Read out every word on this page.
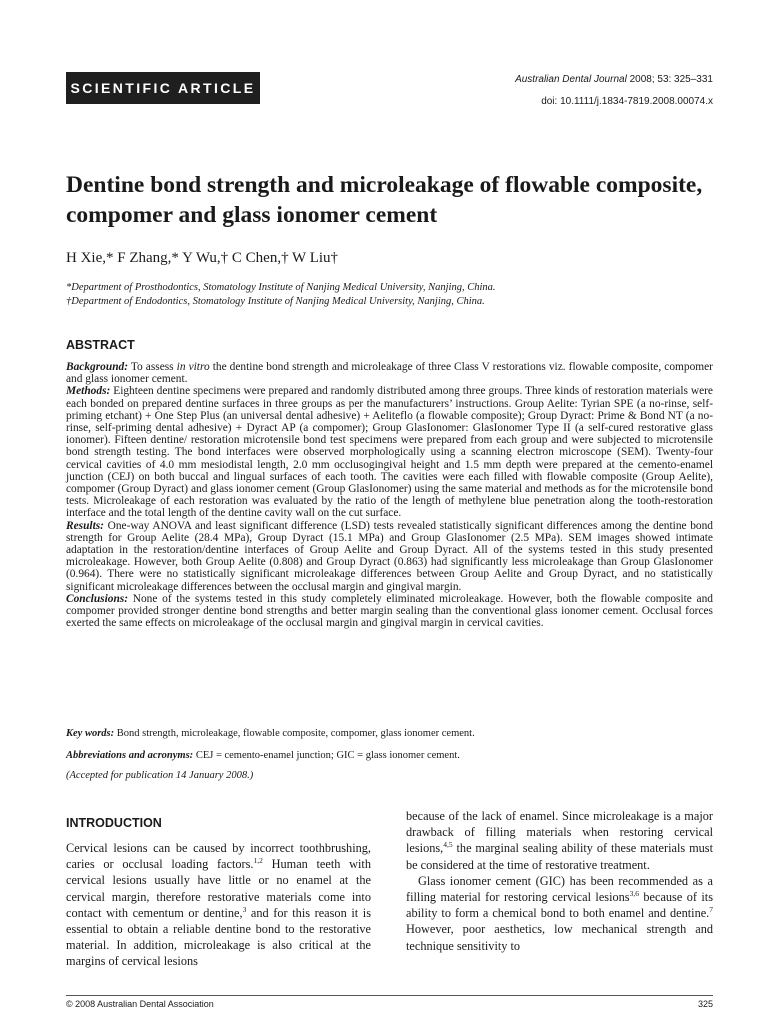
SCIENTIFIC ARTICLE
Australian Dental Journal 2008; 53: 325–331
doi: 10.1111/j.1834-7819.2008.00074.x
Dentine bond strength and microleakage of flowable composite, compomer and glass ionomer cement
H Xie,* F Zhang,* Y Wu,† C Chen,† W Liu†
*Department of Prosthodontics, Stomatology Institute of Nanjing Medical University, Nanjing, China.
†Department of Endodontics, Stomatology Institute of Nanjing Medical University, Nanjing, China.
ABSTRACT

Background: To assess in vitro the dentine bond strength and microleakage of three Class V restorations viz. flowable composite, compomer and glass ionomer cement.

Methods: Eighteen dentine specimens were prepared and randomly distributed among three groups. Three kinds of restoration materials were each bonded on prepared dentine surfaces in three groups as per the manufacturers’ instructions. Group Aelite: Tyrian SPE (a no-rinse, self-priming etchant) + One Step Plus (an universal dental adhesive) + Aeliteflo (a flowable composite); Group Dyract: Prime & Bond NT (a no-rinse, self-priming dental adhesive) + Dyract AP (a compomer); Group GlasIonomer: GlasIonomer Type II (a self-cured restorative glass ionomer). Fifteen dentine/ restoration microtensile bond test specimens were prepared from each group and were subjected to microtensile bond strength testing. The bond interfaces were observed morphologically using a scanning electron microscope (SEM). Twenty-four cervical cavities of 4.0 mm mesiodistal length, 2.0 mm occlusogingival height and 1.5 mm depth were prepared at the cemento-enamel junction (CEJ) on both buccal and lingual surfaces of each tooth. The cavities were each filled with flowable composite (Group Aelite), compomer (Group Dyract) and glass ionomer cement (Group GlasIonomer) using the same material and methods as for the microtensile bond tests. Microleakage of each restoration was evaluated by the ratio of the length of methylene blue penetration along the tooth-restoration interface and the total length of the dentine cavity wall on the cut surface.

Results: One-way ANOVA and least significant difference (LSD) tests revealed statistically significant differences among the dentine bond strength for Group Aelite (28.4 MPa), Group Dyract (15.1 MPa) and Group GlasIonomer (2.5 MPa). SEM images showed intimate adaptation in the restoration/dentine interfaces of Group Aelite and Group Dyract. All of the systems tested in this study presented microleakage. However, both Group Aelite (0.808) and Group Dyract (0.863) had significantly less microleakage than Group GlasIonomer (0.964). There were no statistically significant microleakage differences between Group Aelite and Group Dyract, and no statistically significant microleakage differences between the occlusal margin and gingival margin.

Conclusions: None of the systems tested in this study completely eliminated microleakage. However, both the flowable composite and compomer provided stronger dentine bond strengths and better margin sealing than the conventional glass ionomer cement. Occlusal forces exerted the same effects on microleakage of the occlusal margin and gingival margin in cervical cavities.

Key words: Bond strength, microleakage, flowable composite, compomer, glass ionomer cement.

Abbreviations and acronyms: CEJ = cemento-enamel junction; GIC = glass ionomer cement.

(Accepted for publication 14 January 2008.)

INTRODUCTION

Cervical lesions can be caused by incorrect toothbrushing, caries or occlusal loading factors.$^{1,2}$ Human teeth with cervical lesions usually have little or no enamel at the cervical margin, therefore restorative materials come into contact with cementum or dentine,$^3$ and for this reason it is essential to obtain a reliable dentine bond to the restorative material. In addition, microleakage is also critical at the margins of cervical lesions

because of the lack of enamel. Since microleakage is a major drawback of filling materials when restoring cervical lesions,$^{4,5}$ the marginal sealing ability of these materials must be considered at the time of restorative treatment.

Glass ionomer cement (GIC) has been recommended as a filling material for restoring cervical lesions$^{3,6}$ because of its ability to form a chemical bond to both enamel and dentine.$^7$ However, poor aesthetics, low mechanical strength and technique sensitivity to

© 2008 Australian Dental Association	325
